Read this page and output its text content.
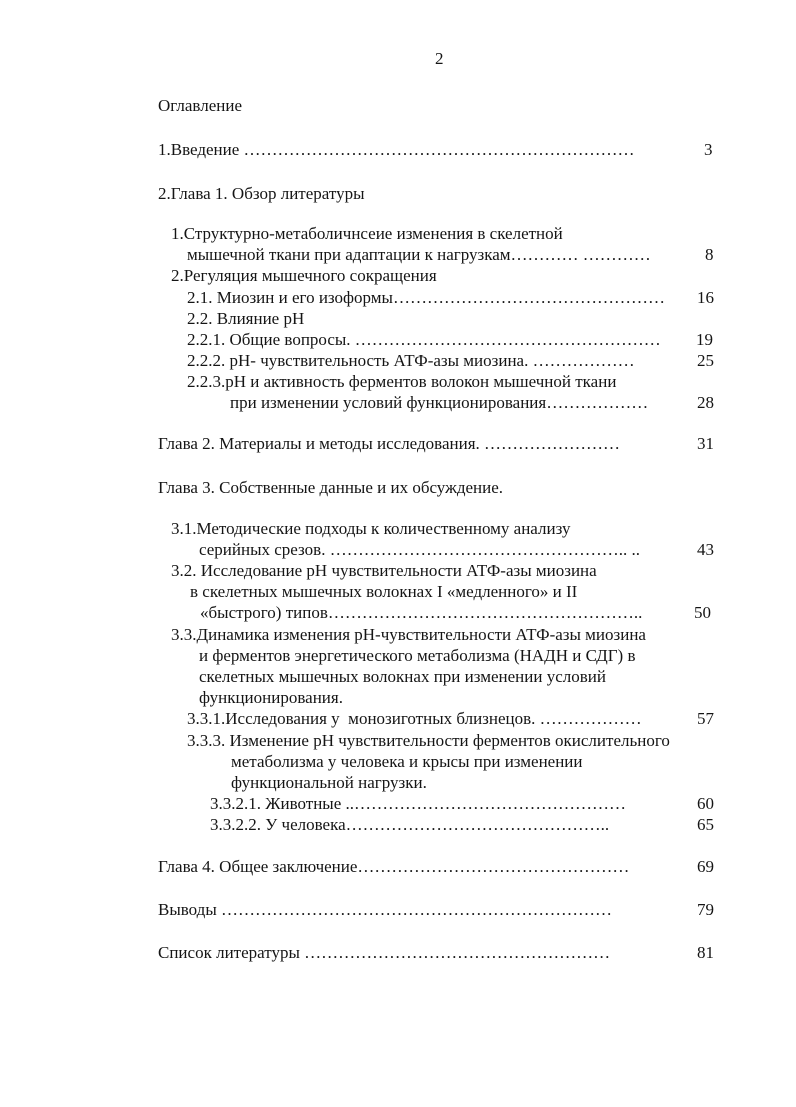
2
Оглавление
1.Введение ……………………………………………………………	3
2.Глава 1. Обзор литературы
1.Структурно-метаболичнсеие изменения в скелетной
мышечной ткани при адаптации к нагрузкам………… …………	8
2.Регуляция мышечного сокращения
2.1. Миозин и его изоформы………………………………………… 16
2.2. Влияние pH
2.2.1. Общие вопросы. ……………………………………………… 19
2.2.2. pH- чувствительность АТФ-азы миозина. ………………	25
2.2.3.pH и активность ферментов волокон мышечной ткани
при изменении условий функционирования………………	28
Глава 2. Материалы и методы исследования. ……………………	31
Глава 3. Собственные данные и их обсуждение.
3.1.Методические подходы к количественному анализу
серийных срезов. …………………………………………….. ..	43
3.2. Исследование pH чувствительности АТФ-азы миозина
в скелетных мышечных волокнах I «медленного» и II
«быстрого) типов………………………………………………..	50
3.3.Динамика изменения pH-чувствительности АТФ-азы миозина
и ферментов энергетического метаболизма (НАДН и СДГ) в
скелетных мышечных волокнах при изменении условий
функционирования.
3.3.1.Исследования у  монозиготных близнецов. ………………	57
3.3.3. Изменение pH чувствительности ферментов окислительного
метаболизма у человека и крысы при изменении
функциональной нагрузки.
3.3.2.1. Животные ..…………………………………………	60
3.3.2.2. У человека………………………………………..	65
Глава 4. Общее заключение…………………………………………	69
Выводы ……………………………………………………………	79
Список литературы ………………………………………………	81
